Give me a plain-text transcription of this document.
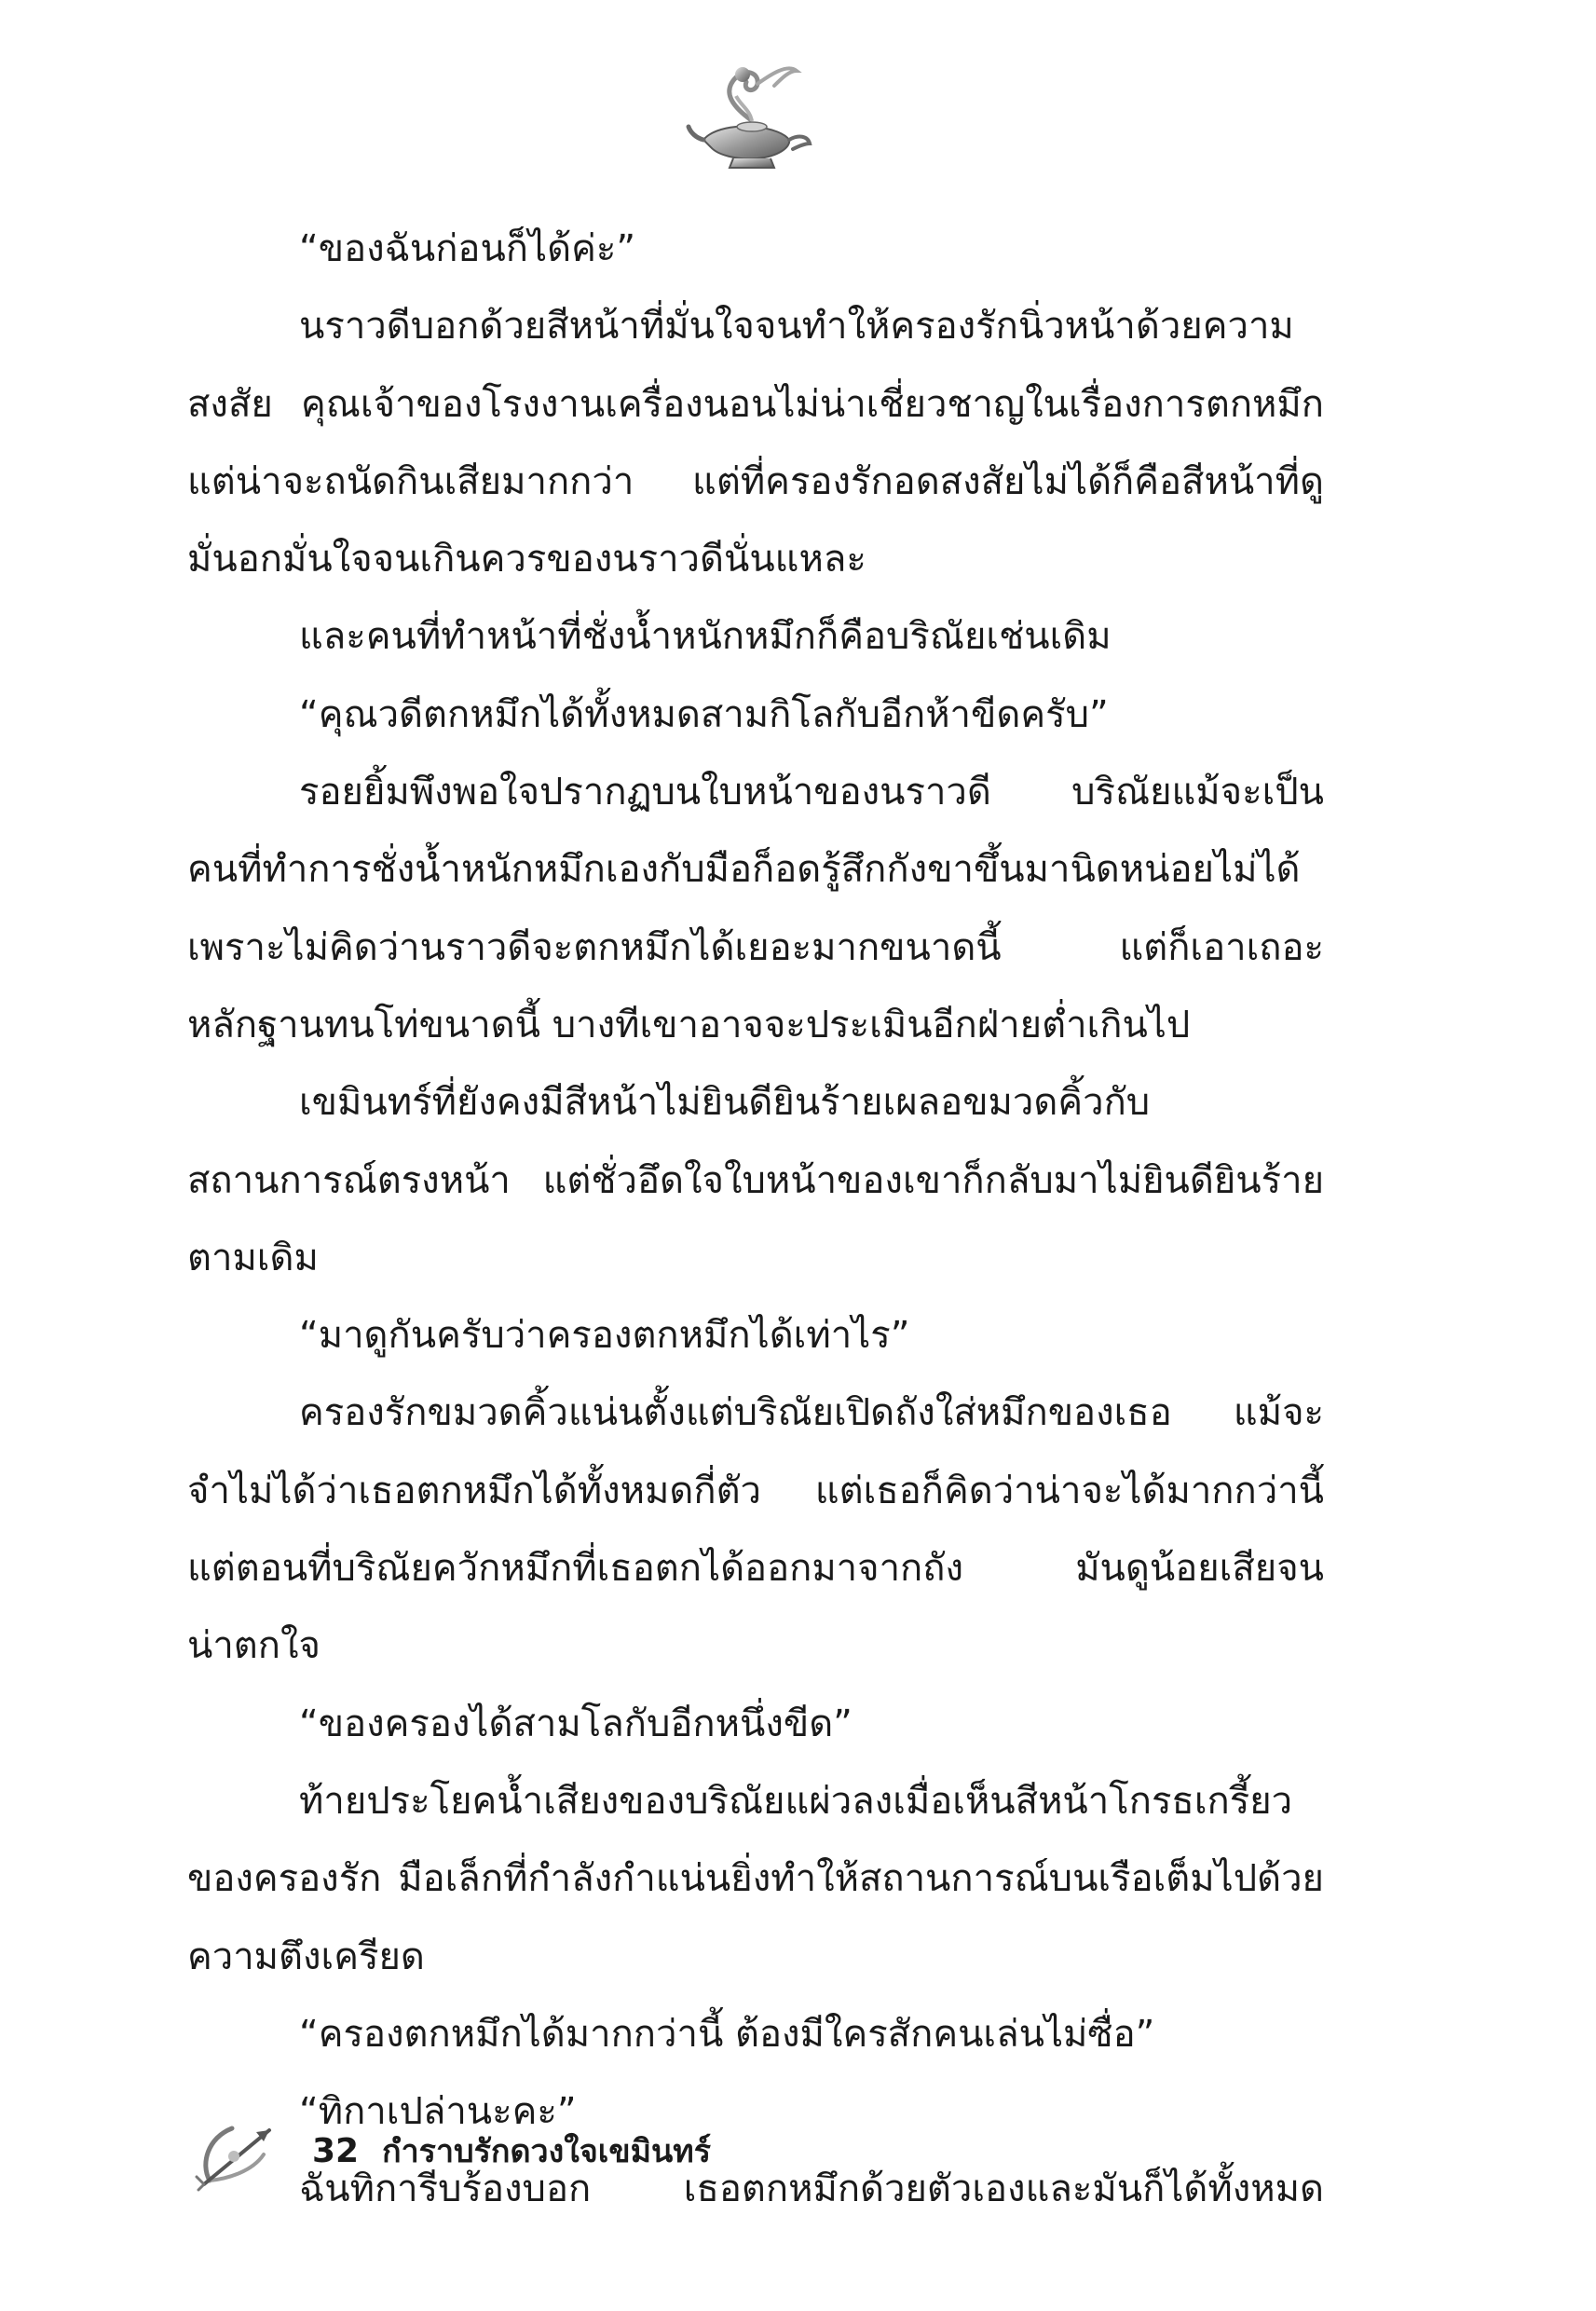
“ของฉันก่อนก็ได้ค่ะ”
นราวดีบอกด้วยสีหน้าที่มั่นใจจนทำให้ครองรักนิ่วหน้าด้วยความ
สงสัย คุณเจ้าของโรงงานเครื่องนอนไม่น่าเชี่ยวชาญในเรื่องการตกหมึก
แต่น่าจะถนัดกินเสียมากกว่า แต่ที่ครองรักอดสงสัยไม่ได้ก็คือสีหน้าที่ดู
มั่นอกมั่นใจจนเกินควรของนราวดีนั่นแหละ
และคนที่ทำหน้าที่ชั่งน้ำหนักหมึกก็คือบริณัยเช่นเดิม
“คุณวดีตกหมึกได้ทั้งหมดสามกิโลกับอีกห้าขีดครับ”
รอยยิ้มพึงพอใจปรากฏบนใบหน้าของนราวดี บริณัยแม้จะเป็น
คนที่ทำการชั่งน้ำหนักหมึกเองกับมือก็อดรู้สึกกังขาขึ้นมานิดหน่อยไม่ได้
เพราะไม่คิดว่านราวดีจะตกหมึกได้เยอะมากขนาดนี้ แต่ก็เอาเถอะ
หลักฐานทนโท่ขนาดนี้ บางทีเขาอาจจะประเมินอีกฝ่ายต่ำเกินไป
เขมินทร์ที่ยังคงมีสีหน้าไม่ยินดียินร้ายเผลอขมวดคิ้วกับ
สถานการณ์ตรงหน้า แต่ชั่วอึดใจใบหน้าของเขาก็กลับมาไม่ยินดียินร้าย
ตามเดิม
“มาดูกันครับว่าครองตกหมึกได้เท่าไร”
ครองรักขมวดคิ้วแน่นตั้งแต่บริณัยเปิดถังใส่หมึกของเธอ แม้จะ
จำไม่ได้ว่าเธอตกหมึกได้ทั้งหมดกี่ตัว แต่เธอก็คิดว่าน่าจะได้มากกว่านี้
แต่ตอนที่บริณัยควักหมึกที่เธอตกได้ออกมาจากถัง มันดูน้อยเสียจน
น่าตกใจ
“ของครองได้สามโลกับอีกหนึ่งขีด”
ท้ายประโยคน้ำเสียงของบริณัยแผ่วลงเมื่อเห็นสีหน้าโกรธเกรี้ยว
ของครองรัก มือเล็กที่กำลังกำแน่นยิ่งทำให้สถานการณ์บนเรือเต็มไปด้วย
ความตึงเครียด
“ครองตกหมึกได้มากกว่านี้ ต้องมีใครสักคนเล่นไม่ซื่อ”
“ทิกาเปล่านะคะ”
ฉันทิการีบร้องบอก เธอตกหมึกด้วยตัวเองและมันก็ได้ทั้งหมด
32 กำราบรักดวงใจเขมินทร์
